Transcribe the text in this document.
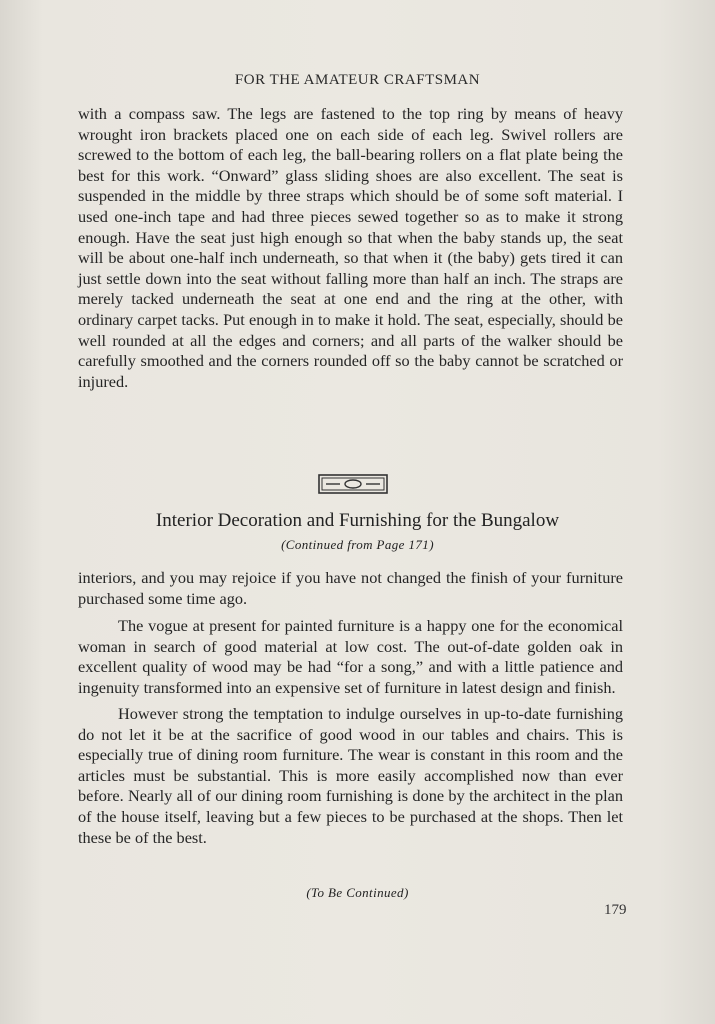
FOR THE AMATEUR CRAFTSMAN

with a compass saw. The legs are fastened to the top ring by means of heavy wrought iron brackets placed one on each side of each leg. Swivel rollers are screwed to the bottom of each leg, the ball-bearing rollers on a flat plate being the best for this work. “Onward” glass sliding shoes are also excellent. The seat is suspended in the middle by three straps which should be of some soft material. I used one-inch tape and had three pieces sewed together so as to make it strong enough. Have the seat just high enough so that when the baby stands up, the seat will be about one-half inch underneath, so that when it (the baby) gets tired it can just settle down into the seat without falling more than half an inch. The straps are merely tacked underneath the seat at one end and the ring at the other, with ordinary carpet tacks. Put enough in to make it hold. The seat, especially, should be well rounded at all the edges and corners; and all parts of the walker should be carefully smoothed and the corners rounded off so the baby cannot be scratched or injured.

Interior Decoration and Furnishing for the Bungalow
(Continued from Page 171)

interiors, and you may rejoice if you have not changed the finish of your furniture purchased some time ago.

The vogue at present for painted furniture is a happy one for the economical woman in search of good material at low cost. The out-of-date golden oak in excellent quality of wood may be had “for a song,” and with a little patience and ingenuity transformed into an expensive set of furniture in latest design and finish.

However strong the temptation to indulge ourselves in up-to-date furnishing do not let it be at the sacrifice of good wood in our tables and chairs. This is especially true of dining room furniture. The wear is constant in this room and the articles must be substantial. This is more easily accomplished now than ever before. Nearly all of our dining room furnishing is done by the architect in the plan of the house itself, leaving but a few pieces to be purchased at the shops. Then let these be of the best.

(To Be Continued)
179
